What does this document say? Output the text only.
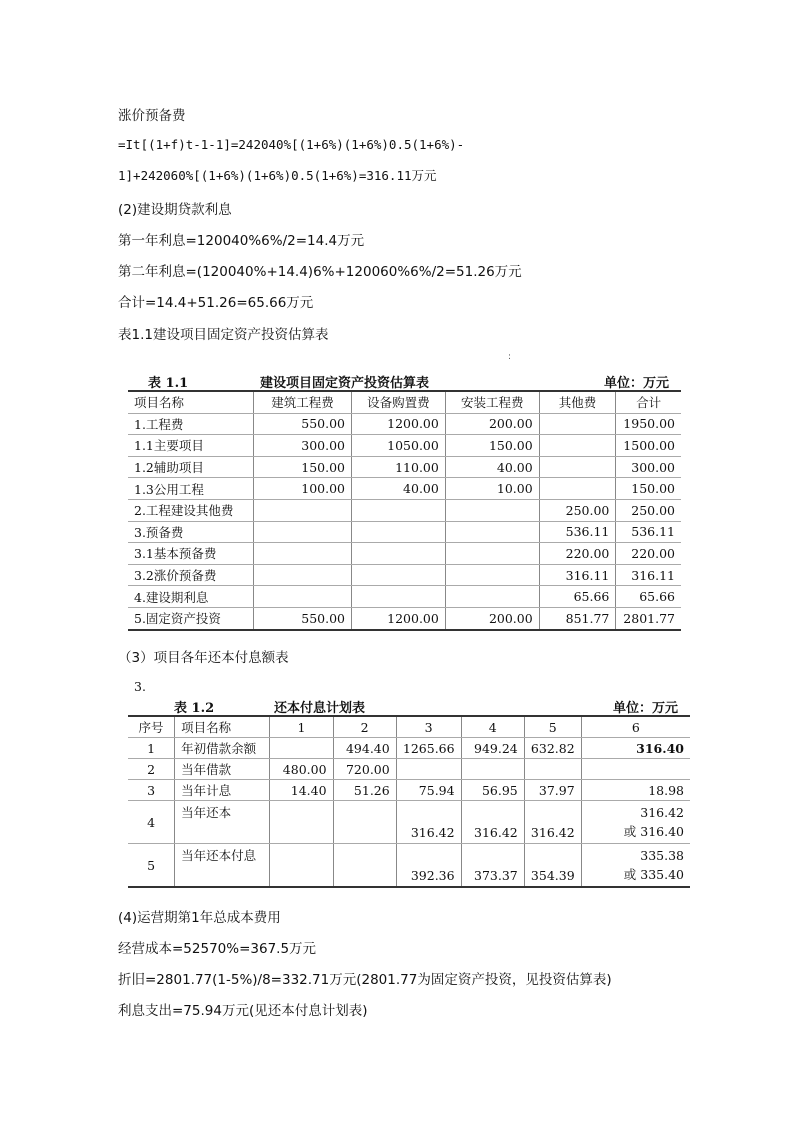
涨价预备费
=It[(1+f)t-1-1]=242040%[(1+6%)(1+6%)0.5(1+6%)-
1]+242060%[(1+6%)(1+6%)0.5(1+6%)=316.11万元
(2)建设期贷款利息
第一年利息=120040%6%/2=14.4万元
第二年利息=(120040%+14.4)6%+120060%6%/2=51.26万元
合计=14.4+51.26=65.66万元
表1.1建设项目固定资产投资估算表
:
表 1.1	建设项目固定资产投资估算表	单位：万元
项目名称	建筑工程费	设备购置费	安装工程费	其他费	合计
1.工程费	550.00	1200.00	200.00		1950.00
1.1主要项目	300.00	1050.00	150.00		1500.00
1.2辅助项目	150.00	110.00	40.00		300.00
1.3公用工程	100.00	40.00	10.00		150.00
2.工程建设其他费				250.00	250.00
3.预备费				536.11	536.11
3.1基本预备费				220.00	220.00
3.2涨价预备费				316.11	316.11
4.建设期利息				65.66	65.66
5.固定资产投资	550.00	1200.00	200.00	851.77	2801.77
（3）项目各年还本付息额表
3.
表 1.2	还本付息计划表	单位：万元
序号	项目名称	1	2	3	4	5	6
1	年初借款余额		494.40	1265.66	949.24	632.82	316.40
2	当年借款	480.00	720.00				
3	当年计息	14.40	51.26	75.94	56.95	37.97	18.98
4	当年还本			316.42	316.42	316.42	316.42
或 316.40

5	当年还本付息			392.36	373.37	354.39	335.38
或 335.40
(4)运营期第1年总成本费用
经营成本=52570%=367.5万元
折旧=2801.77(1-5%)/8=332.71万元(2801.77为固定资产投资，见投资估算表)
利息支出=75.94万元(见还本付息计划表)
